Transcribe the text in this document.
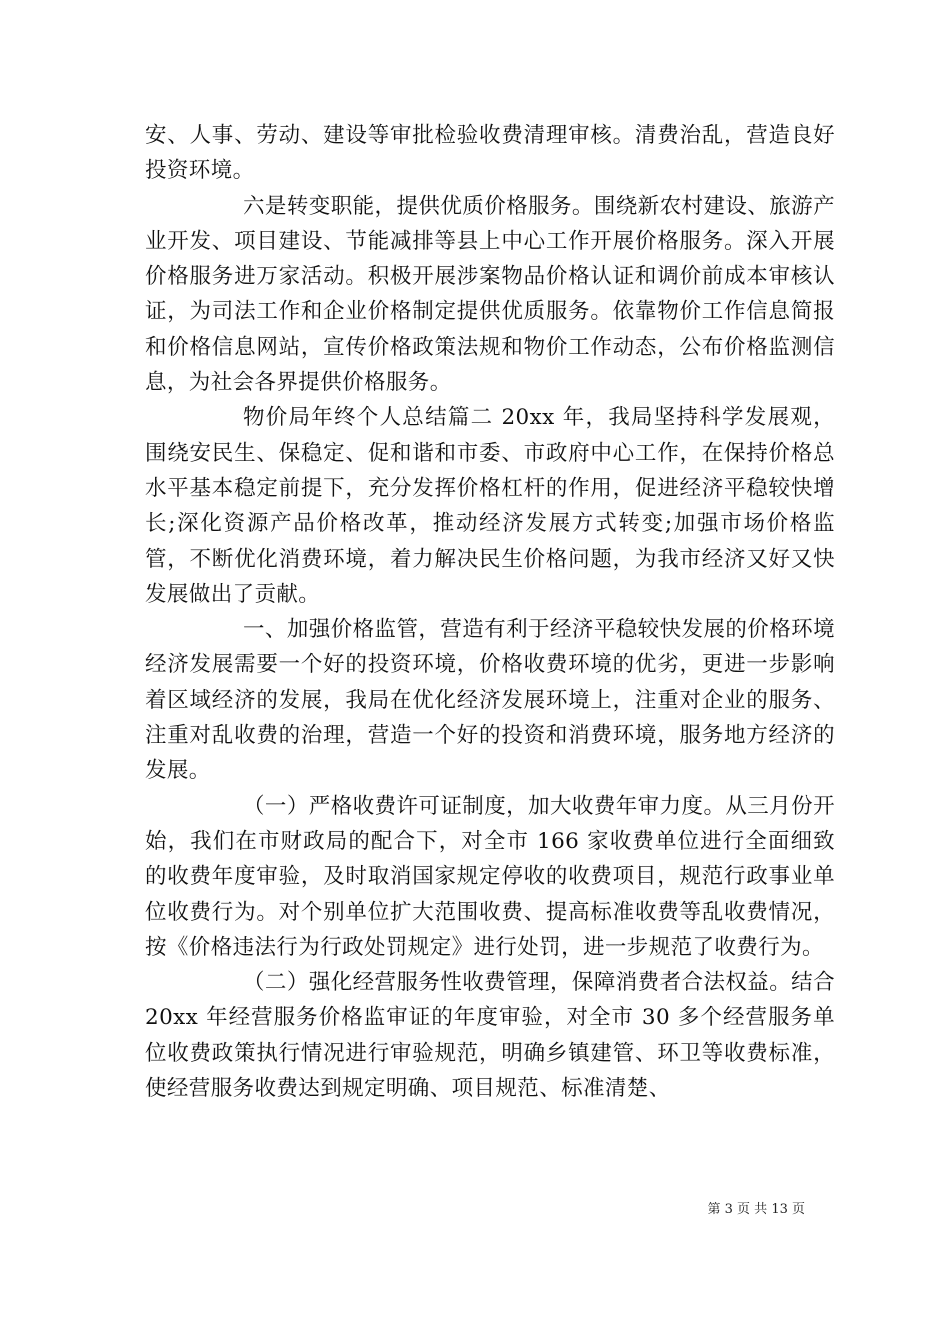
安、人事、劳动、建设等审批检验收费清理审核。清费治乱，营造良好投资环境。

六是转变职能，提供优质价格服务。围绕新农村建设、旅游产业开发、项目建设、节能减排等县上中心工作开展价格服务。深入开展价格服务进万家活动。积极开展涉案物品价格认证和调价前成本审核认证，为司法工作和企业价格制定提供优质服务。依靠物价工作信息简报和价格信息网站，宣传价格政策法规和物价工作动态，公布价格监测信息，为社会各界提供价格服务。

物价局年终个人总结篇二 20xx 年，我局坚持科学发展观，围绕安民生、保稳定、促和谐和市委、市政府中心工作，在保持价格总水平基本稳定前提下，充分发挥价格杠杆的作用，促进经济平稳较快增长;深化资源产品价格改革，推动经济发展方式转变;加强市场价格监管，不断优化消费环境，着力解决民生价格问题，为我市经济又好又快发展做出了贡献。

一、加强价格监管，营造有利于经济平稳较快发展的价格环境经济发展需要一个好的投资环境，价格收费环境的优劣，更进一步影响着区域经济的发展，我局在优化经济发展环境上，注重对企业的服务、注重对乱收费的治理，营造一个好的投资和消费环境，服务地方经济的发展。

（一）严格收费许可证制度，加大收费年审力度。从三月份开始，我们在市财政局的配合下，对全市 166 家收费单位进行全面细致的收费年度审验，及时取消国家规定停收的收费项目，规范行政事业单位收费行为。对个别单位扩大范围收费、提高标准收费等乱收费情况，按《价格违法行为行政处罚规定》进行处罚，进一步规范了收费行为。

（二）强化经营服务性收费管理，保障消费者合法权益。结合 20xx 年经营服务价格监审证的年度审验，对全市 30 多个经营服务单位收费政策执行情况进行审验规范，明确乡镇建管、环卫等收费标准，使经营服务收费达到规定明确、项目规范、标准清楚、

第 3 页 共 13 页
